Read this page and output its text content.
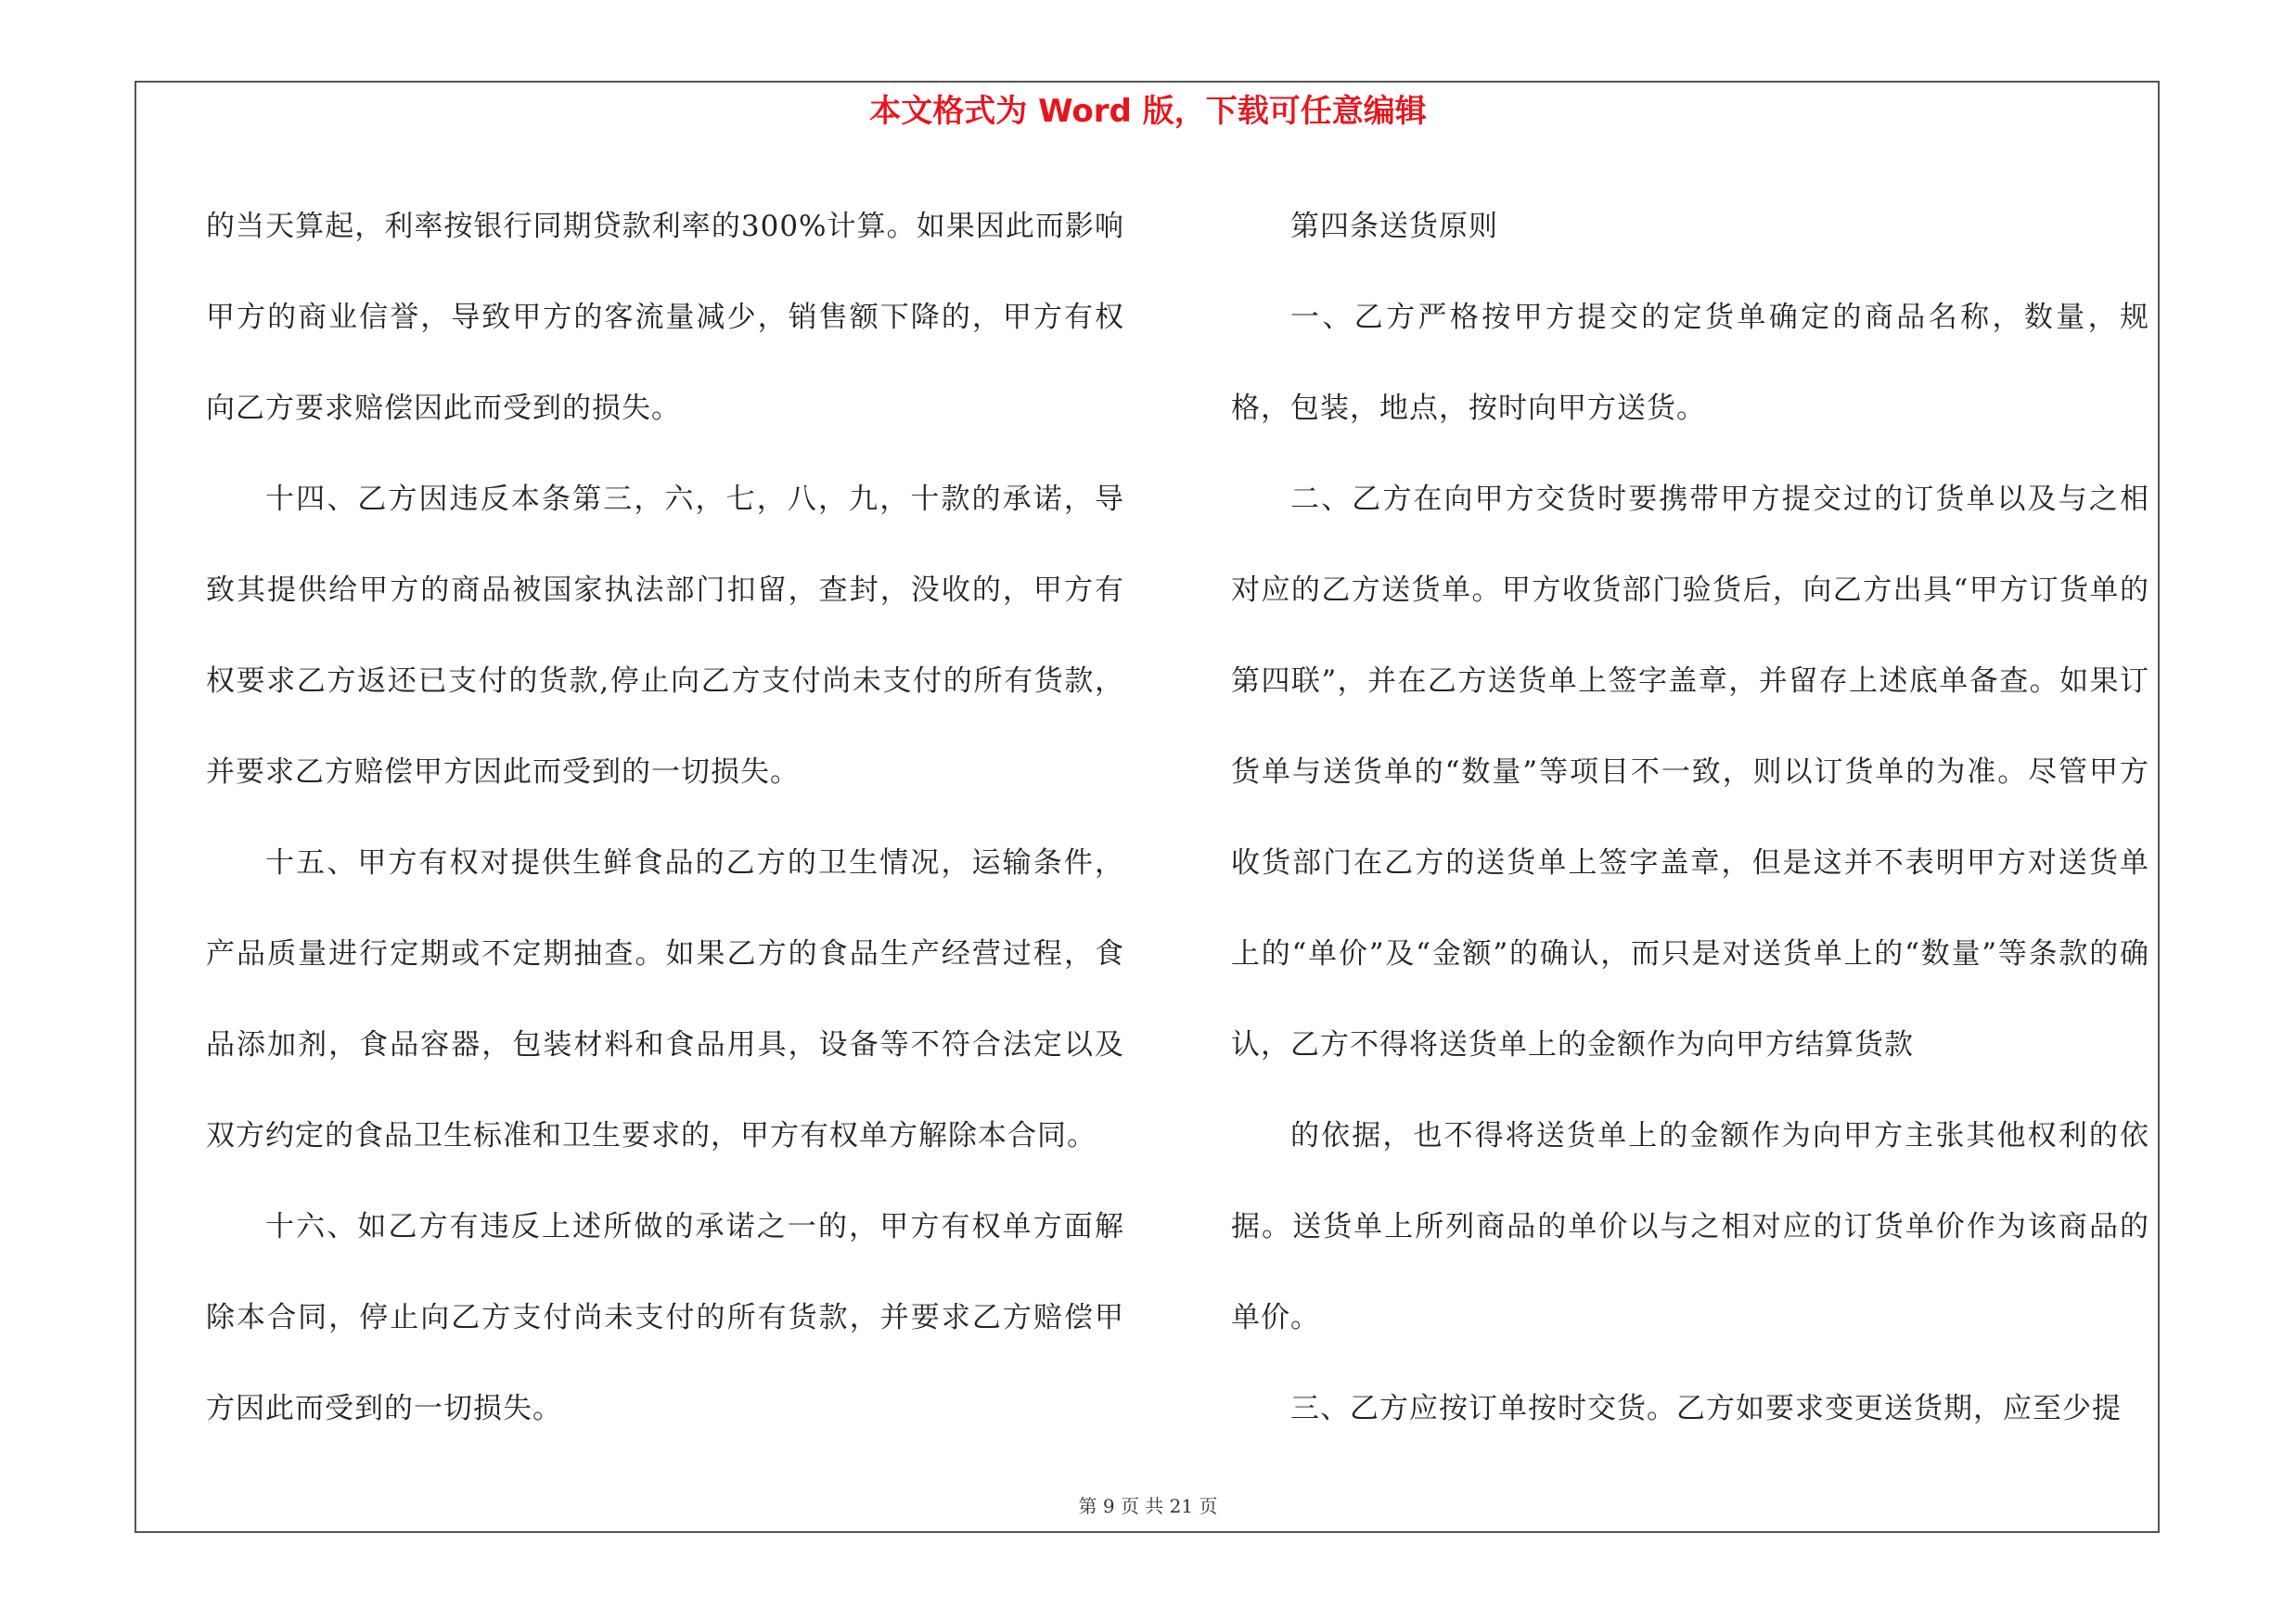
本文格式为 Word 版，下载可任意编辑

的当天算起，利率按银行同期贷款利率的300%计算。如果因此而影响甲方的商业信誉，导致甲方的客流量减少，销售额下降的，甲方有权向乙方要求赔偿因此而受到的损失。

十四、乙方因违反本条第三，六，七，八，九，十款的承诺，导致其提供给甲方的商品被国家执法部门扣留，查封，没收的，甲方有权要求乙方返还已支付的货款,停止向乙方支付尚未支付的所有货款，并要求乙方赔偿甲方因此而受到的一切损失。

十五、甲方有权对提供生鲜食品的乙方的卫生情况，运输条件，产品质量进行定期或不定期抽查。如果乙方的食品生产经营过程，食品添加剂，食品容器，包装材料和食品用具，设备等不符合法定以及双方约定的食品卫生标准和卫生要求的，甲方有权单方解除本合同。

十六、如乙方有违反上述所做的承诺之一的，甲方有权单方面解除本合同，停止向乙方支付尚未支付的所有货款，并要求乙方赔偿甲方因此而受到的一切损失。

第四条送货原则

一、乙方严格按甲方提交的定货单确定的商品名称，数量，规格，包装，地点，按时向甲方送货。

二、乙方在向甲方交货时要携带甲方提交过的订货单以及与之相对应的乙方送货单。甲方收货部门验货后，向乙方出具“甲方订货单的第四联”，并在乙方送货单上签字盖章，并留存上述底单备查。如果订货单与送货单的“数量”等项目不一致，则以订货单的为准。尽管甲方收货部门在乙方的送货单上签字盖章，但是这并不表明甲方对送货单上的“单价”及“金额”的确认，而只是对送货单上的“数量”等条款的确认，乙方不得将送货单上的金额作为向甲方结算货款

的依据，也不得将送货单上的金额作为向甲方主张其他权利的依据。送货单上所列商品的单价以与之相对应的订货单价作为该商品的单价。

三、乙方应按订单按时交货。乙方如要求变更送货期，应至少提

第 9 页 共 21 页
